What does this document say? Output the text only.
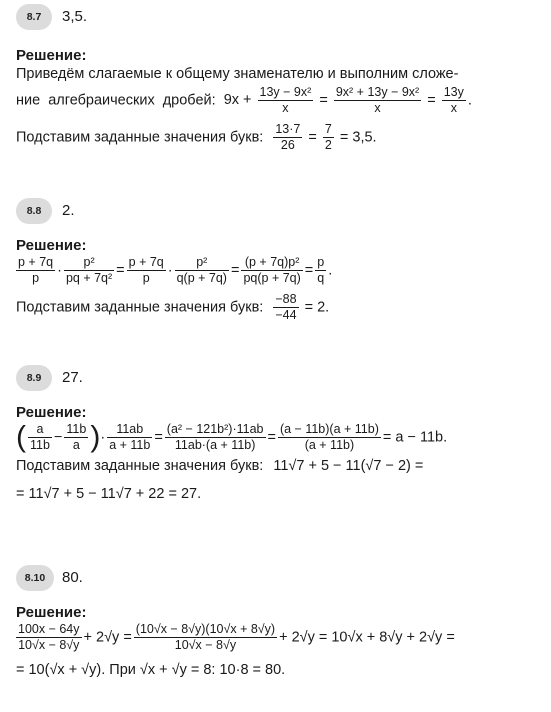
8.7	3,5.
Решение:
Приведём слагаемые к общему знаменателю и выполним сложе-
ние алгебраических дробей: $9x + \frac{\text{13y − 9x²}}{x} = \frac{\text{9x² + 13y − 9x²}}{x} = \frac{13y}{x}$ .
Подставим заданные значения букв: $\frac{13\cdot 7}{26} = \frac{7}{2} = 3,5$.
8.8	2.
Решение:
$\frac{p + 7q}{p} \cdot \frac{\text{p²}}{\text{pq + 7q²}} = \frac{p + 7q}{p} \cdot \frac{\text{p²}}{q(p + 7q)} = \frac{\text{(p + 7q)p²}}{pq(p + 7q)} = \frac{p}{q}$ .
Подставим заданные значения букв: $\frac{-88}{-44} = 2$.
8.9	27.
Решение:
( $\frac{a}{11b} - \frac{11b}{a}$ )· $\frac{11ab}{a + 11b} = \frac{\text{(a² − 121b²)·11ab}}{11ab\cdot(a + 11b)} = \frac{(a - 11b)(a + 11b)}{(a + 11b)} = a - 11b$.
Подставим заданные значения букв: 11√7 + 5 − 11(√7 − 2) =
= 11√7 + 5 − 11√7 + 22 = 27.
8.10	80.
Решение:
$\frac{100x - 64y}{10√x - 8√y} + 2√y = \frac{(10√x - 8√y)(10√x + 8√y)}{10√x - 8√y} + 2√y = 10√x + 8√y + 2√y$ =
= 10(√x + √y). При √x + √y = 8: 10·8 = 80.
